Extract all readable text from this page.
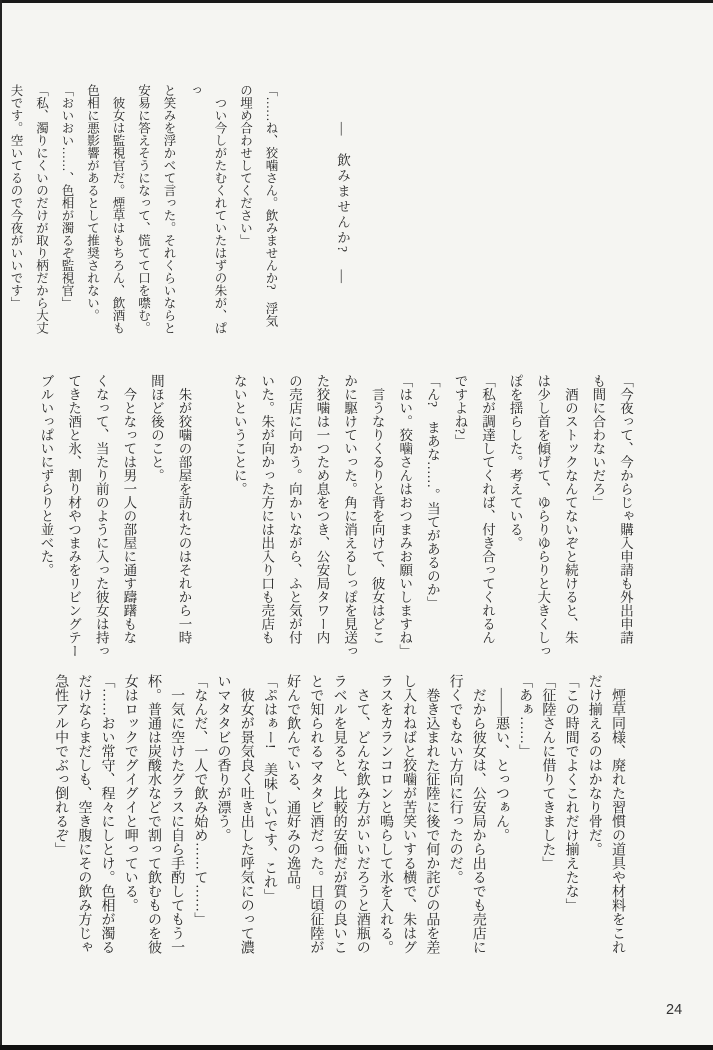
―　飲みませんか?　―

「……ね、狡噛さん。飲みませんか?　浮気

の埋め合わせしてください」

　つい今しがたむくれていたはずの朱が、ぱっ

と笑みを浮かべて言った。それくらいならと

安易に答えそうになって、慌てて口を噤む。

　彼女は監視官だ。煙草はもちろん、飲酒も

色相に悪影響があるとして推奨されない。

「おいおい……、色相が濁るぞ監視官」

「私、濁りにくいのだけが取り柄だから大丈

夫です。空いてるので今夜がいいです」

「今夜って、今からじゃ購入申請も外出申請

も間に合わないだろ」

　酒のストックなんてないぞと続けると、朱

は少し首を傾げて、ゆらりゆらりと大きくしっ

ぽを揺らした。考えている。

「私が調達してくれば、付き合ってくれるん

ですよね?」

「ん?　まあな……。当てがあるのか」

「はい。狡噛さんはおつまみお願いしますね」

　言うなりくるりと背を向けて、彼女はどこ

かに駆けていった。角に消えるしっぽを見送っ

た狡噛は一つため息をつき、公安局タワー内

の売店に向かう。向かいながら、ふと気が付

いた。朱が向かった方には出入り口も売店も

ないということに。

　朱が狡噛の部屋を訪れたのはそれから一時

間ほど後のこと。

　今となっては男一人の部屋に通す躊躇もな

くなって、当たり前のように入った彼女は持っ

てきた酒と氷、割り材やつまみをリビングテー

ブルいっぱいにずらりと並べた。

　煙草同様、廃れた習慣の道具や材料をこれ

だけ揃えるのはかなり骨だ。

「この時間でよくこれだけ揃えたな」

「征陸さんに借りてきました」

「あぁ……」

　――悪い、とっつぁん。

　だから彼女は、公安局から出るでも売店に

行くでもない方向に行ったのだ。

　巻き込まれた征陸に後で何か詫びの品を差

し入れねばと狡噛が苦笑いする横で、朱はグ

ラスをカランコロンと鳴らして氷を入れる。

　さて、どんな飲み方がいいだろうと酒瓶の

ラベルを見ると、比較的安価だが質の良いこ

とで知られるマタタビ酒だった。日頃征陸が

好んで飲んでいる、通好みの逸品。

「ぷはぁー!　美味しいです、これ」

　彼女が景気良く吐き出した呼気にのって濃

いマタタビの香りが漂う。

「なんだ、一人で飲み始め……て……」

　一気に空けたグラスに自ら手酌してもう一

杯。普通は炭酸水などで割って飲むものを彼

女はロックでグイグイと呷っている。

「……おい常守、程々にしとけ。色相が濁る

だけならまだしも、空き腹にその飲み方じゃ

急性アル中でぶっ倒れるぞ」

24
